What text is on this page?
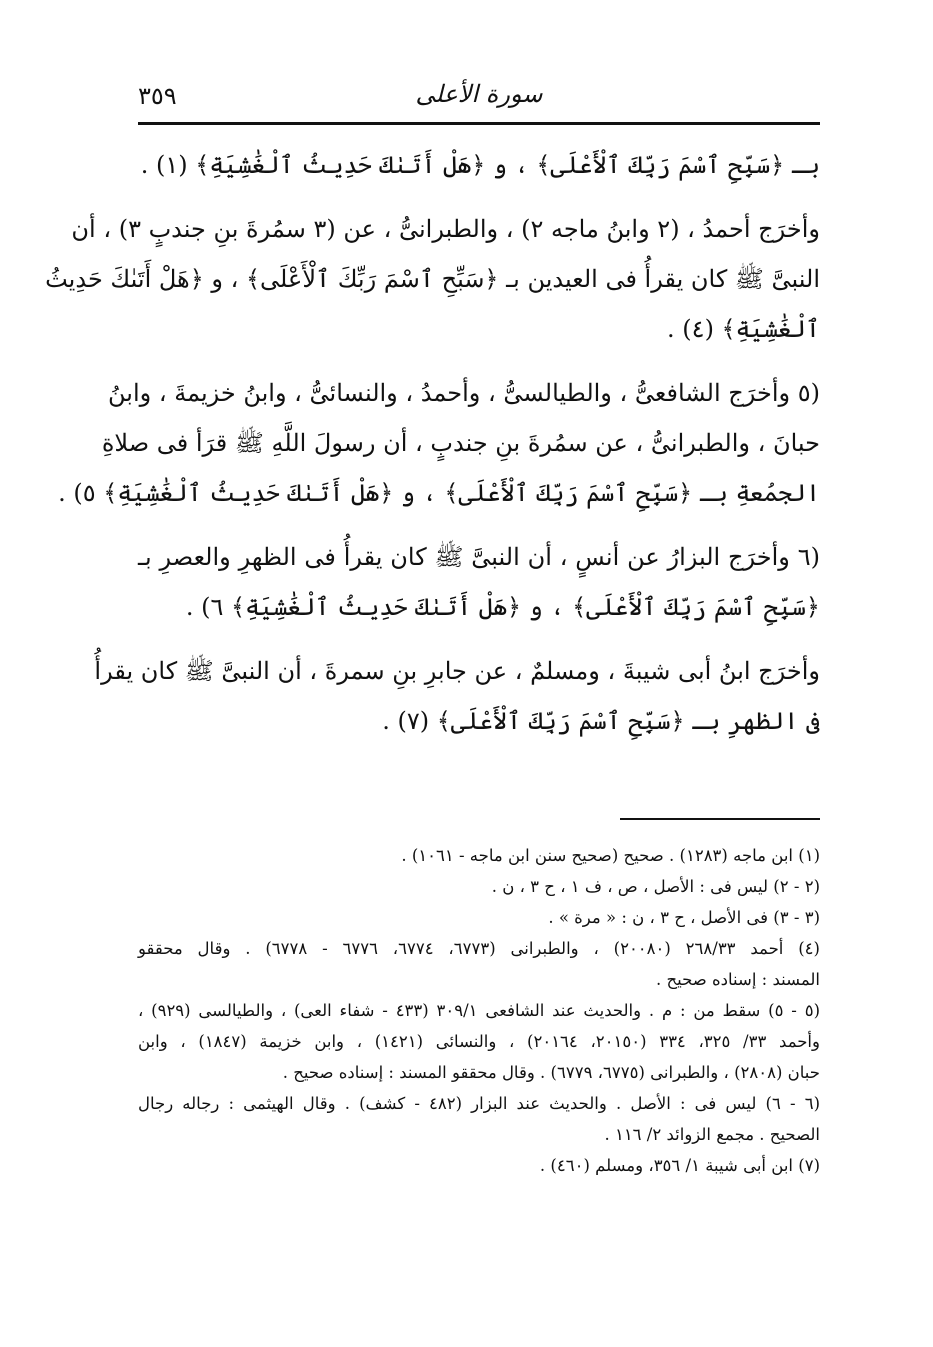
٣٥٩	سورة الأعلى
بـ ﴿سَبِّحِ ٱسْمَ رَبِّكَ ٱلْأَعْلَى﴾ ، و ﴿هَلْ أَتَىٰكَ حَدِيثُ ٱلْغَٰشِيَةِ﴾ (١) .
وأخرَج أحمدُ ، (٢ وابنُ ماجه ٢) ، والطبرانىُّ ، عن (٣ سمُرةَ بنِ جندبٍ ٣) ، أن
النبىَّ ﷺ كان يقرأُ فى العيدين بـ ﴿سَبِّحِ ٱسْمَ رَبِّكَ ٱلْأَعْلَى﴾ ، و ﴿هَلْ أَتَىٰكَ حَدِيثُ
ٱلْغَٰشِيَةِ﴾ (٤) .
(٥ وأخرَج الشافعىُّ ، والطيالسىُّ ، وأحمدُ ، والنسائىُّ ، وابنُ خزيمةَ ، وابنُ
حبانَ ، والطبرانىُّ ، عن سمُرةَ بنِ جندبٍ ، أن رسولَ اللَّهِ ﷺ قرَأ فى صلاةِ
الجمُعةِ بـ ﴿سَبِّحِ ٱسْمَ رَبِّكَ ٱلْأَعْلَى﴾ ، و ﴿هَلْ أَتَىٰكَ حَدِيثُ ٱلْغَٰشِيَةِ﴾ ٥) .
(٦ وأخرَج البزارُ عن أنسٍ ، أن النبىَّ ﷺ كان يقرأُ فى الظهرِ والعصرِ بـ
﴿سَبِّحِ ٱسْمَ رَبِّكَ ٱلْأَعْلَى﴾ ، و ﴿هَلْ أَتَىٰكَ حَدِيثُ ٱلْغَٰشِيَةِ﴾ ٦) .
وأخرَج ابنُ أبى شيبةَ ، ومسلمٌ ، عن جابرِ بنِ سمرةَ ، أن النبىَّ ﷺ كان يقرأُ
فى الظهرِ بـ ﴿سَبِّحِ ٱسْمَ رَبِّكَ ٱلْأَعْلَى﴾ (٧) .
(١) ابن ماجه (١٢٨٣) . صحيح (صحيح سنن ابن ماجه - ١٠٦١) .
(٢ - ٢) ليس فى : الأصل ، ص ، ف ١ ، ح ٣ ، ن .
(٣ - ٣) فى الأصل ، ح ٣ ، ن : « مرة » .
(٤) أحمد ٢٦٨/٣٣ (٢٠٠٨٠) ، والطبرانى (٦٧٧٣، ٦٧٧٤، ٦٧٧٦ - ٦٧٧٨) . وقال محققو
المسند : إسناده صحيح .
(٥ - ٥) سقط من : م . والحديث عند الشافعى ٣٠٩/١ (٤٣٣ - شفاء العى) ، والطيالسى (٩٢٩) ،
وأحمد ٣٣/ ٣٢٥، ٣٣٤ (٢٠١٥٠، ٢٠١٦٤) ، والنسائى (١٤٢١) ، وابن خزيمة (١٨٤٧) ، وابن
حبان (٢٨٠٨) ، والطبرانى (٦٧٧٥، ٦٧٧٩) . وقال محققو المسند : إسناده صحيح .
(٦ - ٦) ليس فى : الأصل . والحديث عند البزار (٤٨٢ - كشف) . وقال الهيثمى : رجاله رجال
الصحيح . مجمع الزوائد ٢/ ١١٦ .
(٧) ابن أبى شيبة ١/ ٣٥٦، ومسلم (٤٦٠) .
